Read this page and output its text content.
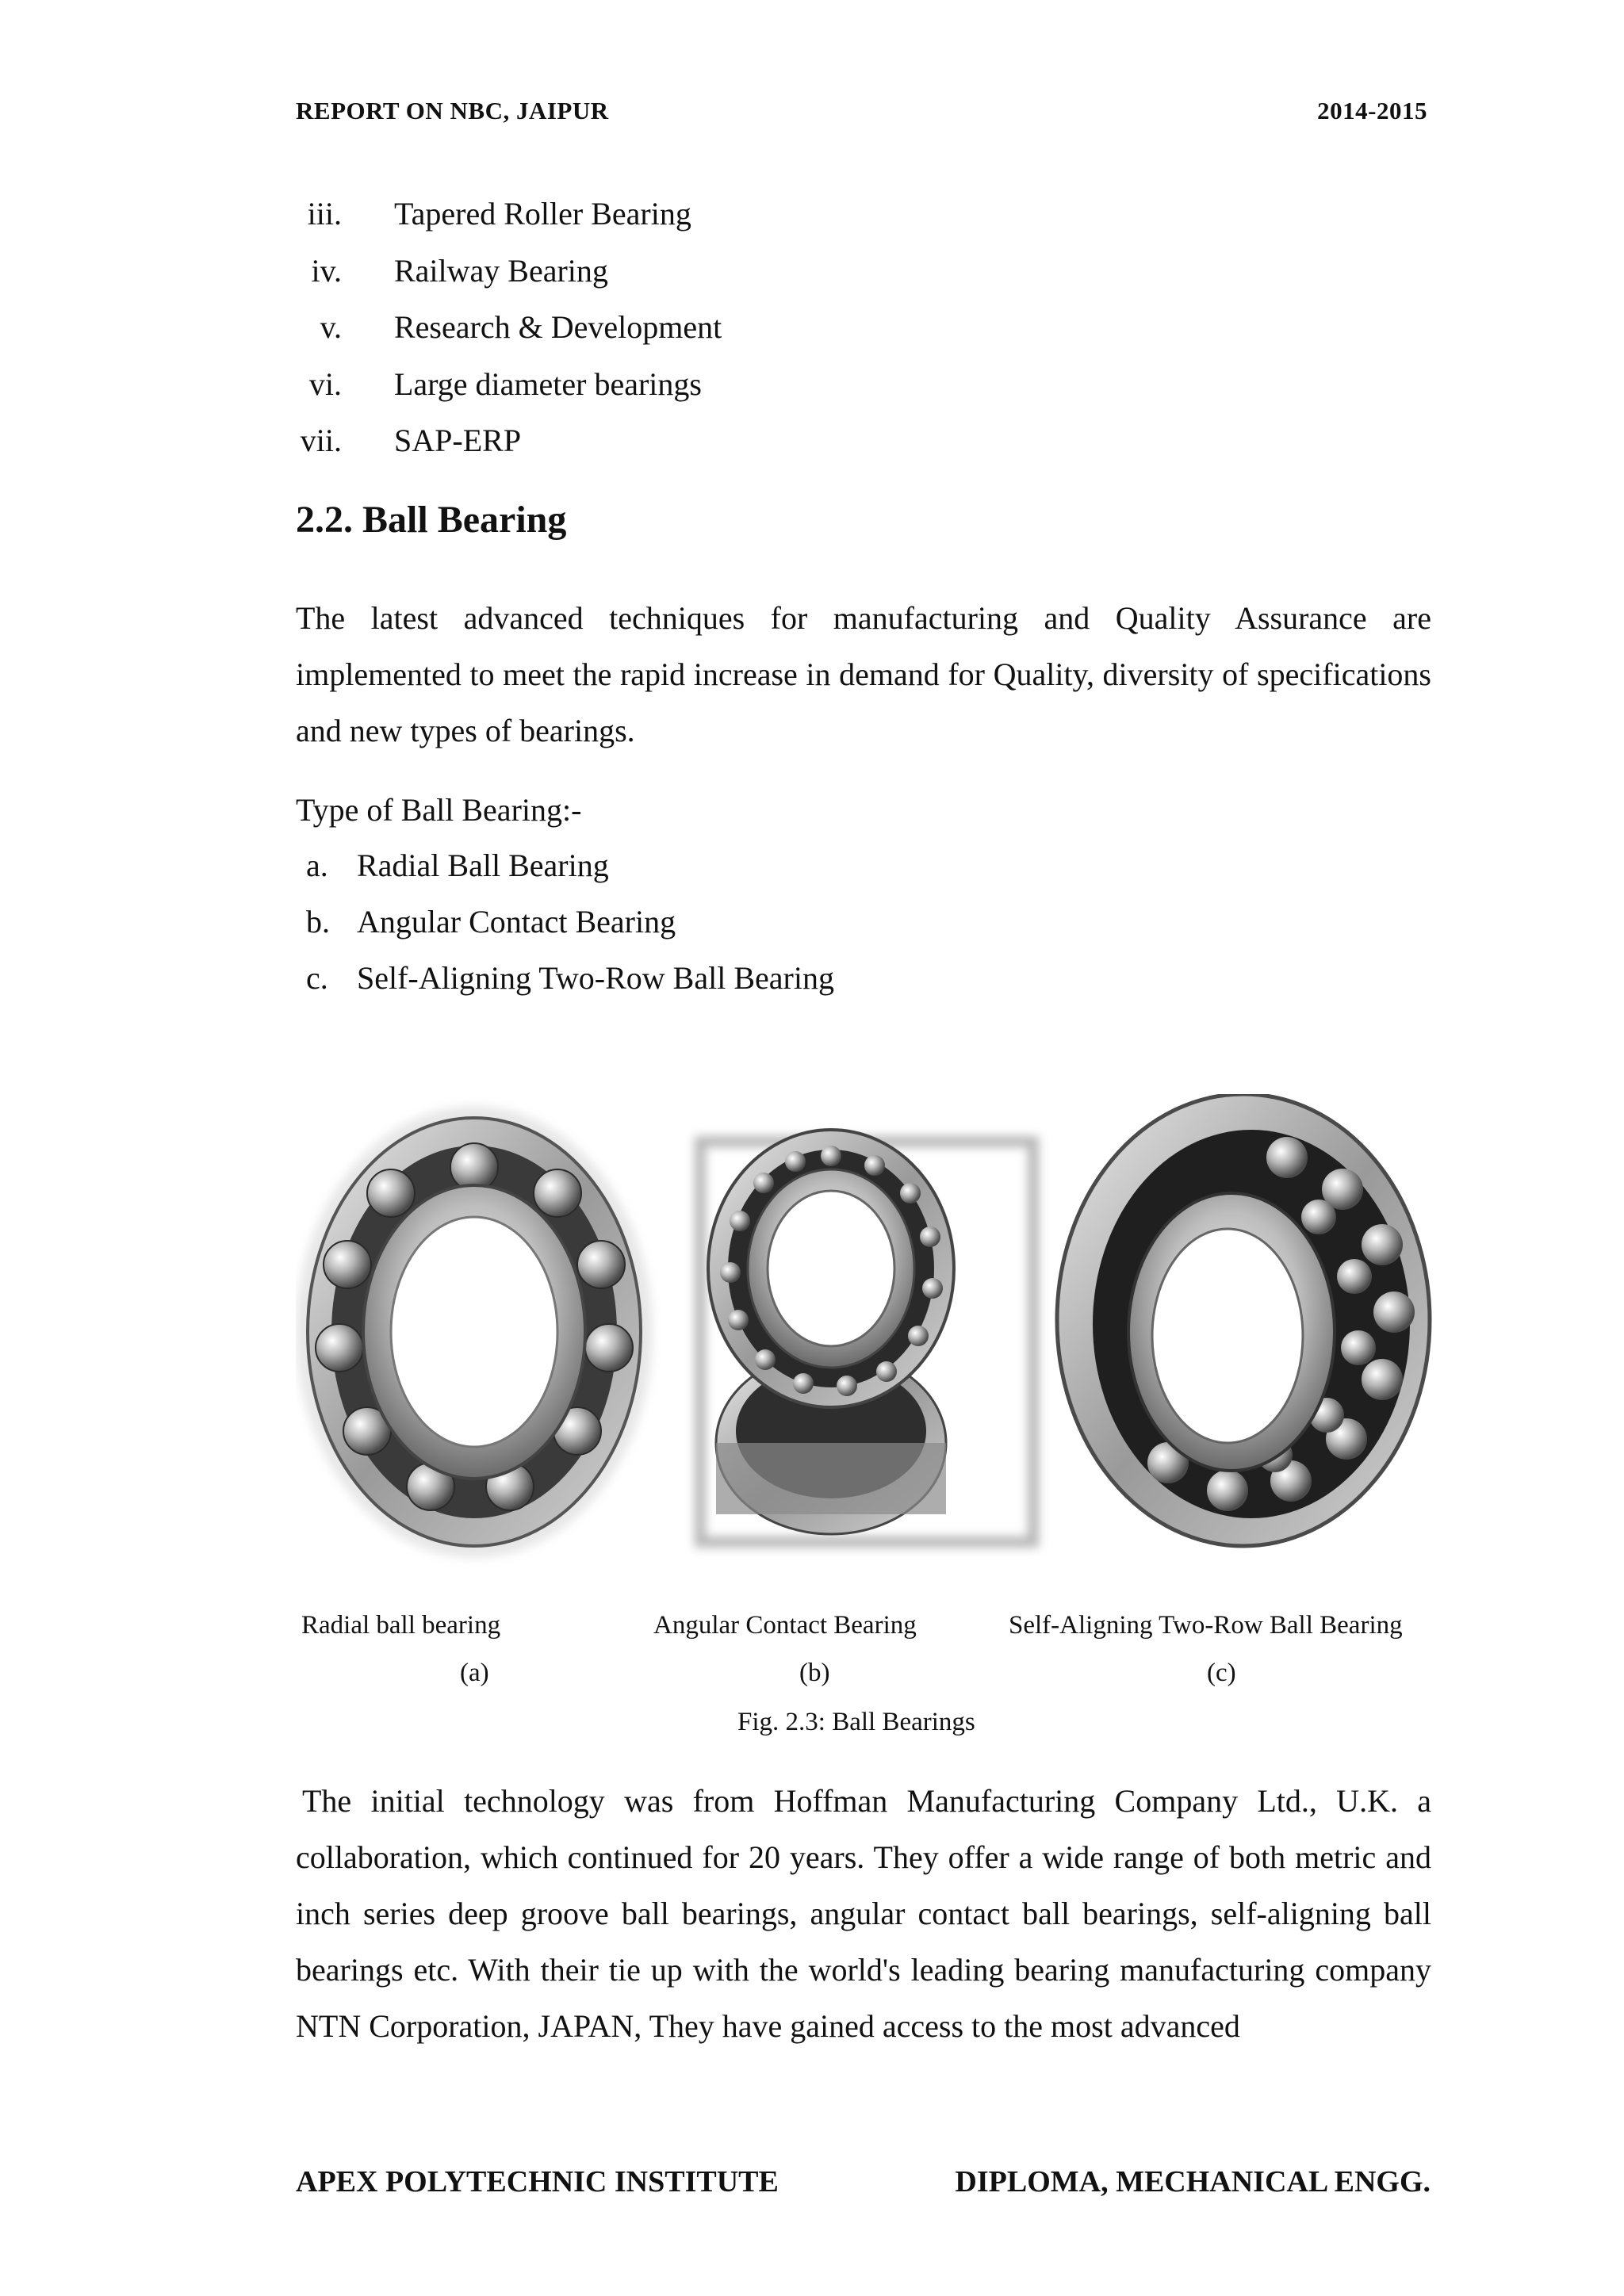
REPORT ON NBC, JAIPUR	2014-2015
iii. Tapered Roller Bearing
iv. Railway Bearing
v. Research & Development
vi. Large diameter bearings
vii. SAP-ERP
2.2. Ball Bearing
The latest advanced techniques for manufacturing and Quality Assurance are implemented to meet the rapid increase in demand for Quality, diversity of specifications and new types of bearings.
Type of Ball Bearing:-
a. Radial Ball Bearing
b. Angular Contact Bearing
c. Self-Aligning Two-Row Ball Bearing
Radial ball bearing	Angular Contact Bearing	Self-Aligning Two-Row Ball Bearing
(a)	(b)	(c)
Fig. 2.3: Ball Bearings
The initial technology was from Hoffman Manufacturing Company Ltd., U.K. a collaboration, which continued for 20 years. They offer a wide range of both metric and inch series deep groove ball bearings, angular contact ball bearings, self-aligning ball bearings etc. With their tie up with the world's leading bearing manufacturing company NTN Corporation, JAPAN, They have gained access to the most advanced
APEX POLYTECHNIC INSTITUTE	DIPLOMA, MECHANICAL ENGG.
